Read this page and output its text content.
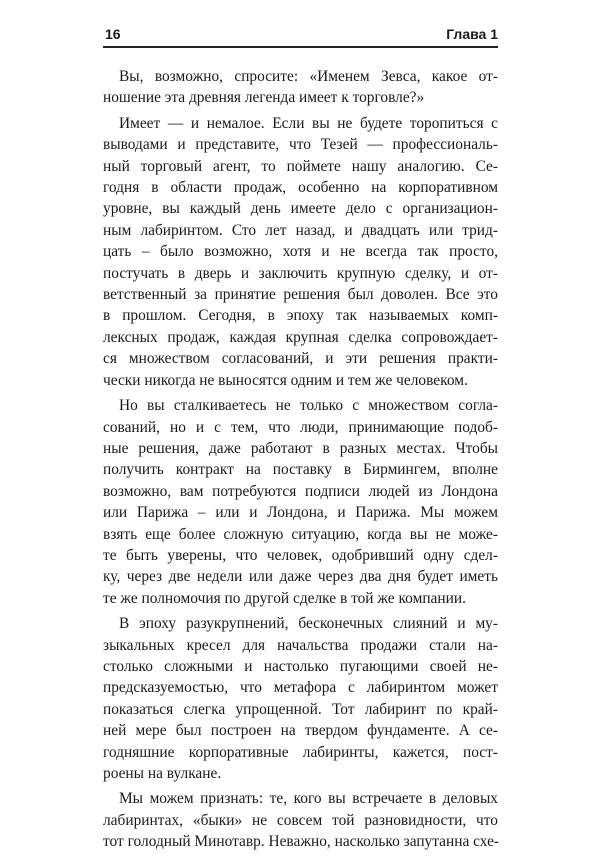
16	Глава 1
Вы, возможно, спросите: «Именем Зевса, какое от-
ношение эта древняя легенда имеет к торговле?»
Имеет — и немалое. Если вы не будете торопиться с
выводами и представите, что Тезей — профессиональ-
ный торговый агент, то поймете нашу аналогию. Се-
годня в области продаж, особенно на корпоративном
уровне, вы каждый день имеете дело с организацион-
ным лабиринтом. Сто лет назад, и двадцать или трид-
цать – было возможно, хотя и не всегда так просто,
постучать в дверь и заключить крупную сделку, и от-
ветственный за принятие решения был доволен. Все это
в прошлом. Сегодня, в эпоху так называемых комп-
лексных продаж, каждая крупная сделка сопровождает-
ся множеством согласований, и эти решения практи-
чески никогда не выносятся одним и тем же человеком.
Но вы сталкиваетесь не только с множеством согла-
сований, но и с тем, что люди, принимающие подоб-
ные решения, даже работают в разных местах. Чтобы
получить контракт на поставку в Бирмингем, вполне
возможно, вам потребуются подписи людей из Лондона
или Парижа – или и Лондона, и Парижа. Мы можем
взять еще более сложную ситуацию, когда вы не може-
те быть уверены, что человек, одобривший одну сдел-
ку, через две недели или даже через два дня будет иметь
те же полномочия по другой сделке в той же компании.
В эпоху разукрупнений, бесконечных слияний и му-
зыкальных кресел для начальства продажи стали на-
столько сложными и настолько пугающими своей не-
предсказуемостью, что метафора с лабиринтом может
показаться слегка упрощенной. Тот лабиринт по край-
ней мере был построен на твердом фундаменте. А се-
годняшние корпоративные лабиринты, кажется, пост-
роены на вулкане.
Мы можем признать: те, кого вы встречаете в деловых
лабиринтах, «быки» не совсем той разновидности, что
тот голодный Минотавр. Неважно, насколько запутанна схе-
